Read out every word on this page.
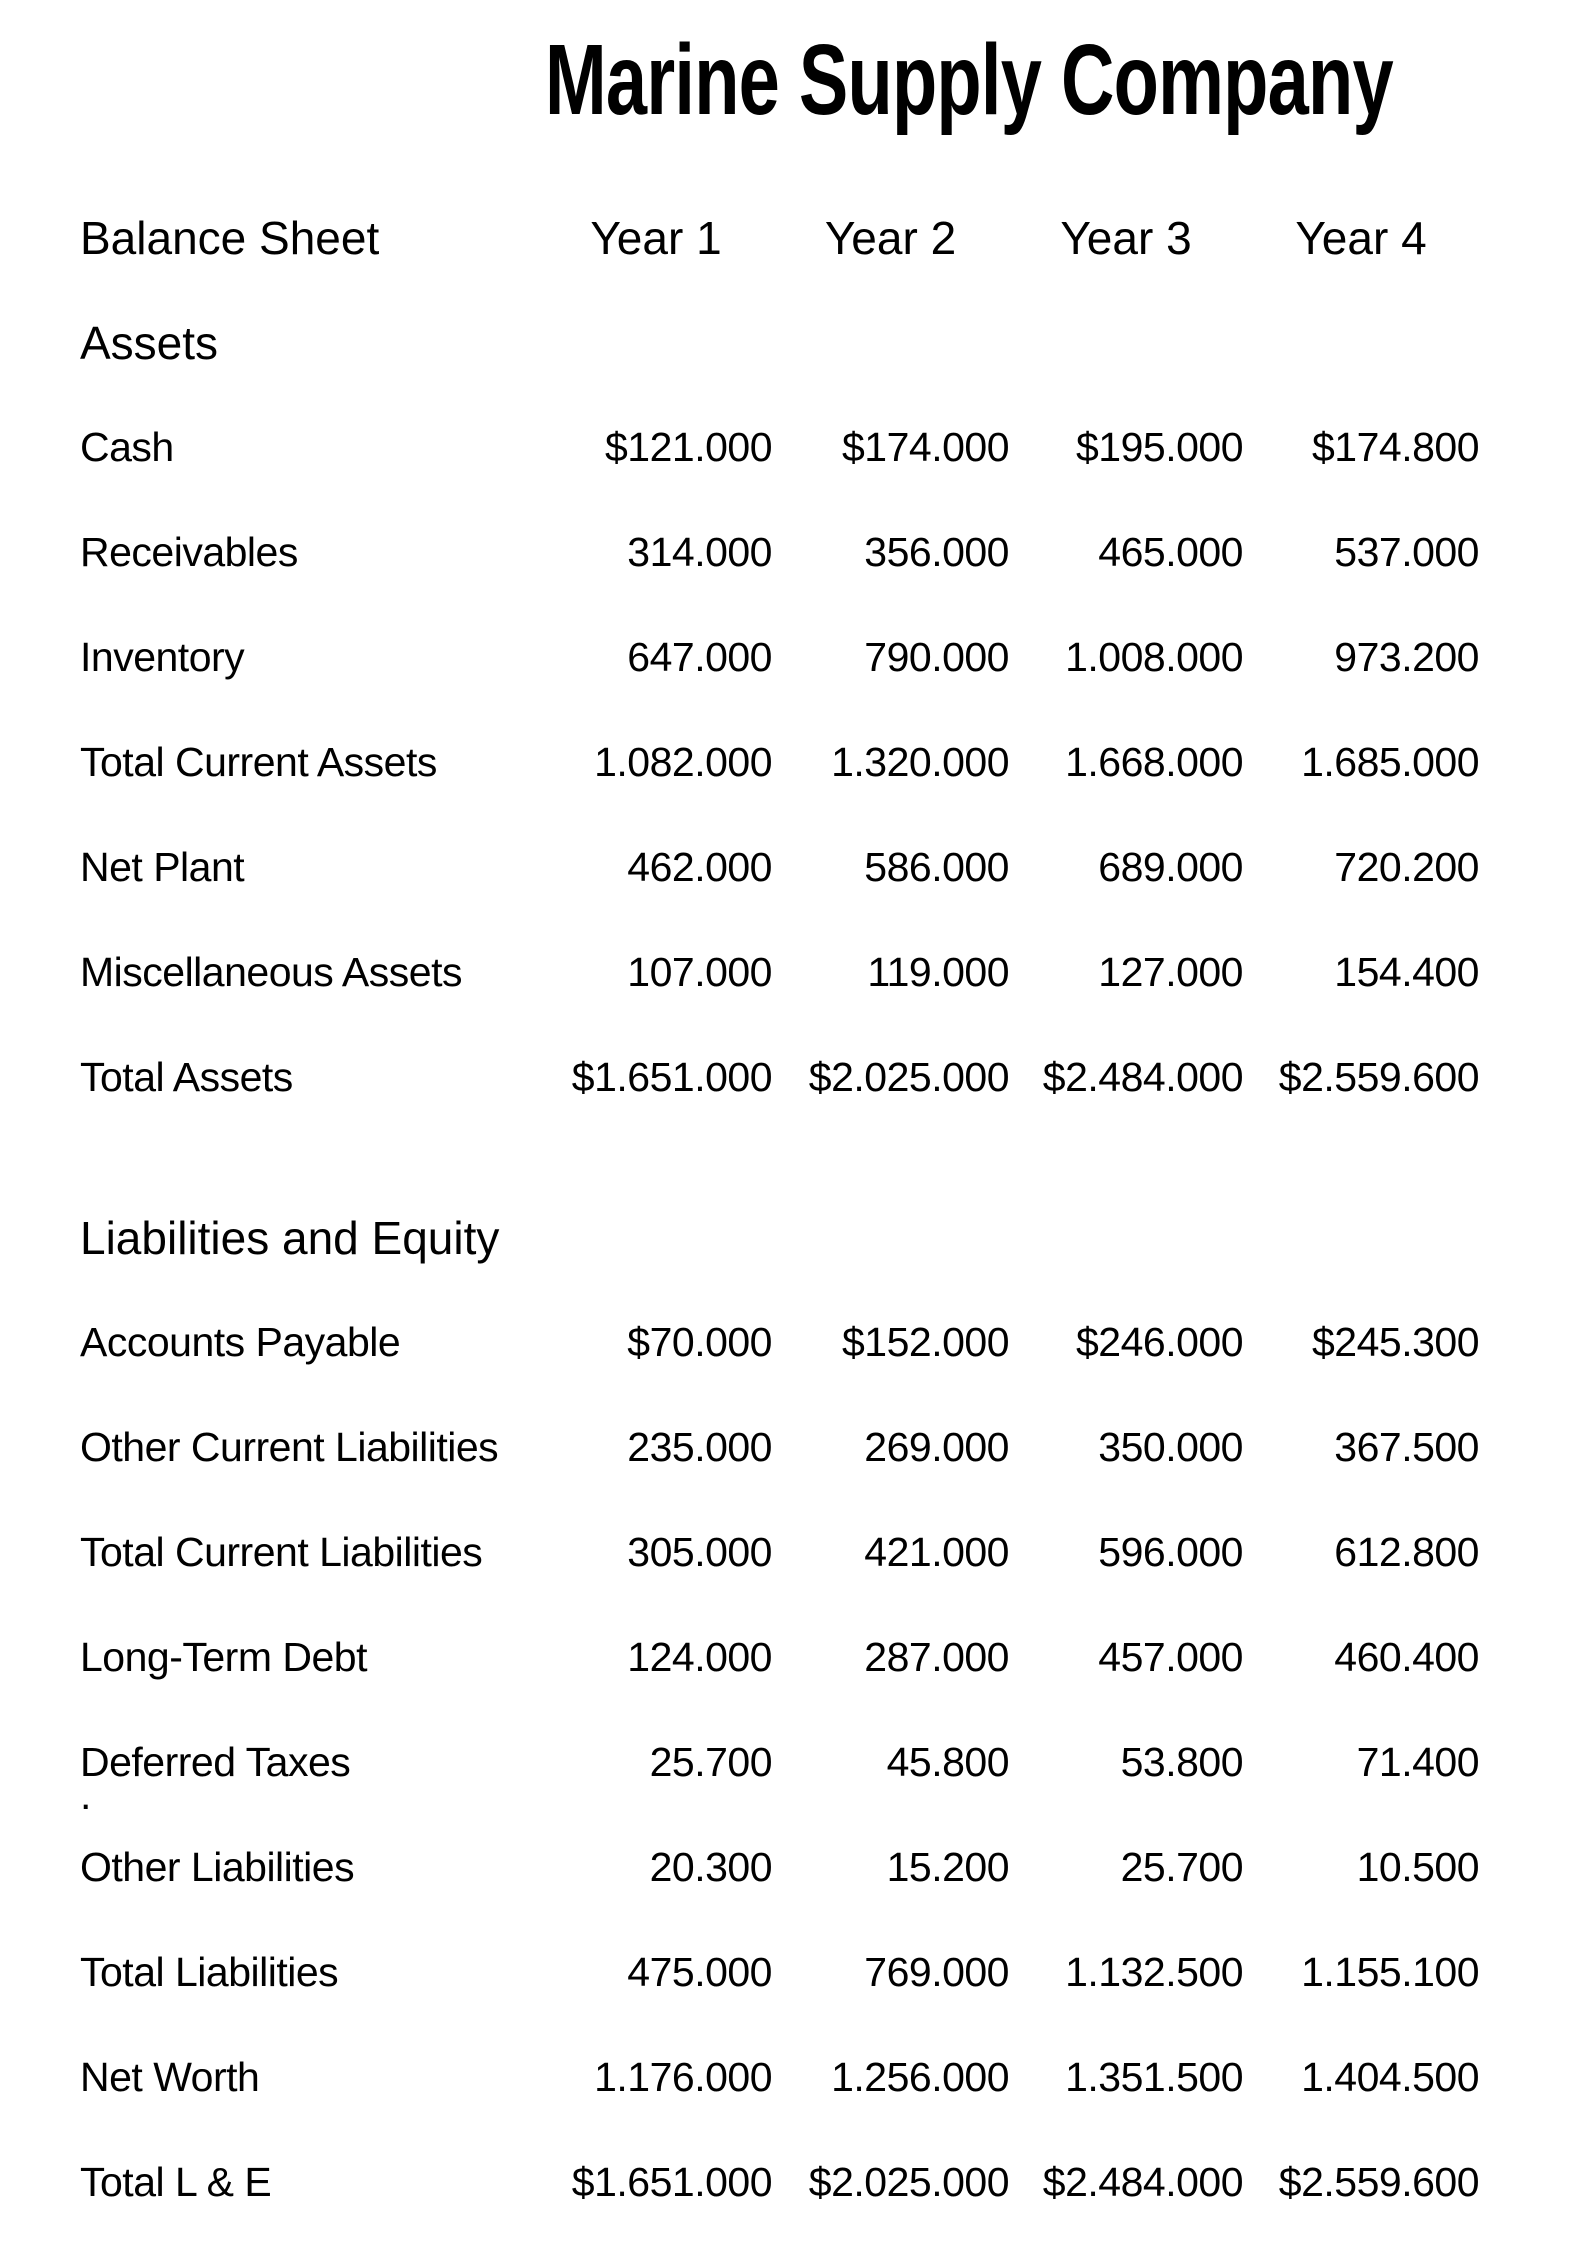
Marine Supply Company
Balance Sheet	Year 1	Year 2	Year 3	Year 4
Assets				
Cash	$121.000	$174.000	$195.000	$174.800
Receivables	314.000	356.000	465.000	537.000
Inventory	647.000	790.000	1.008.000	973.200
Total Current Assets	1.082.000	1.320.000	1.668.000	1.685.000
Net Plant	462.000	586.000	689.000	720.200
Miscellaneous Assets	107.000	119.000	127.000	154.400
Total Assets	$1.651.000	$2.025.000	$2.484.000	$2.559.600

Liabilities and Equity				
Accounts Payable	$70.000	$152.000	$246.000	$245.300
Other Current Liabilities	235.000	269.000	350.000	367.500
Total Current Liabilities	305.000	421.000	596.000	612.800
Long-Term Debt	124.000	287.000	457.000	460.400
Deferred Taxes	25.700	45.800	53.800	71.400

.
Other Liabilities	20.300	15.200	25.700	10.500
Total Liabilities	475.000	769.000	1.132.500	1.155.100
Net Worth	1.176.000	1.256.000	1.351.500	1.404.500
Total L & E	$1.651.000	$2.025.000	$2.484.000	$2.559.600
